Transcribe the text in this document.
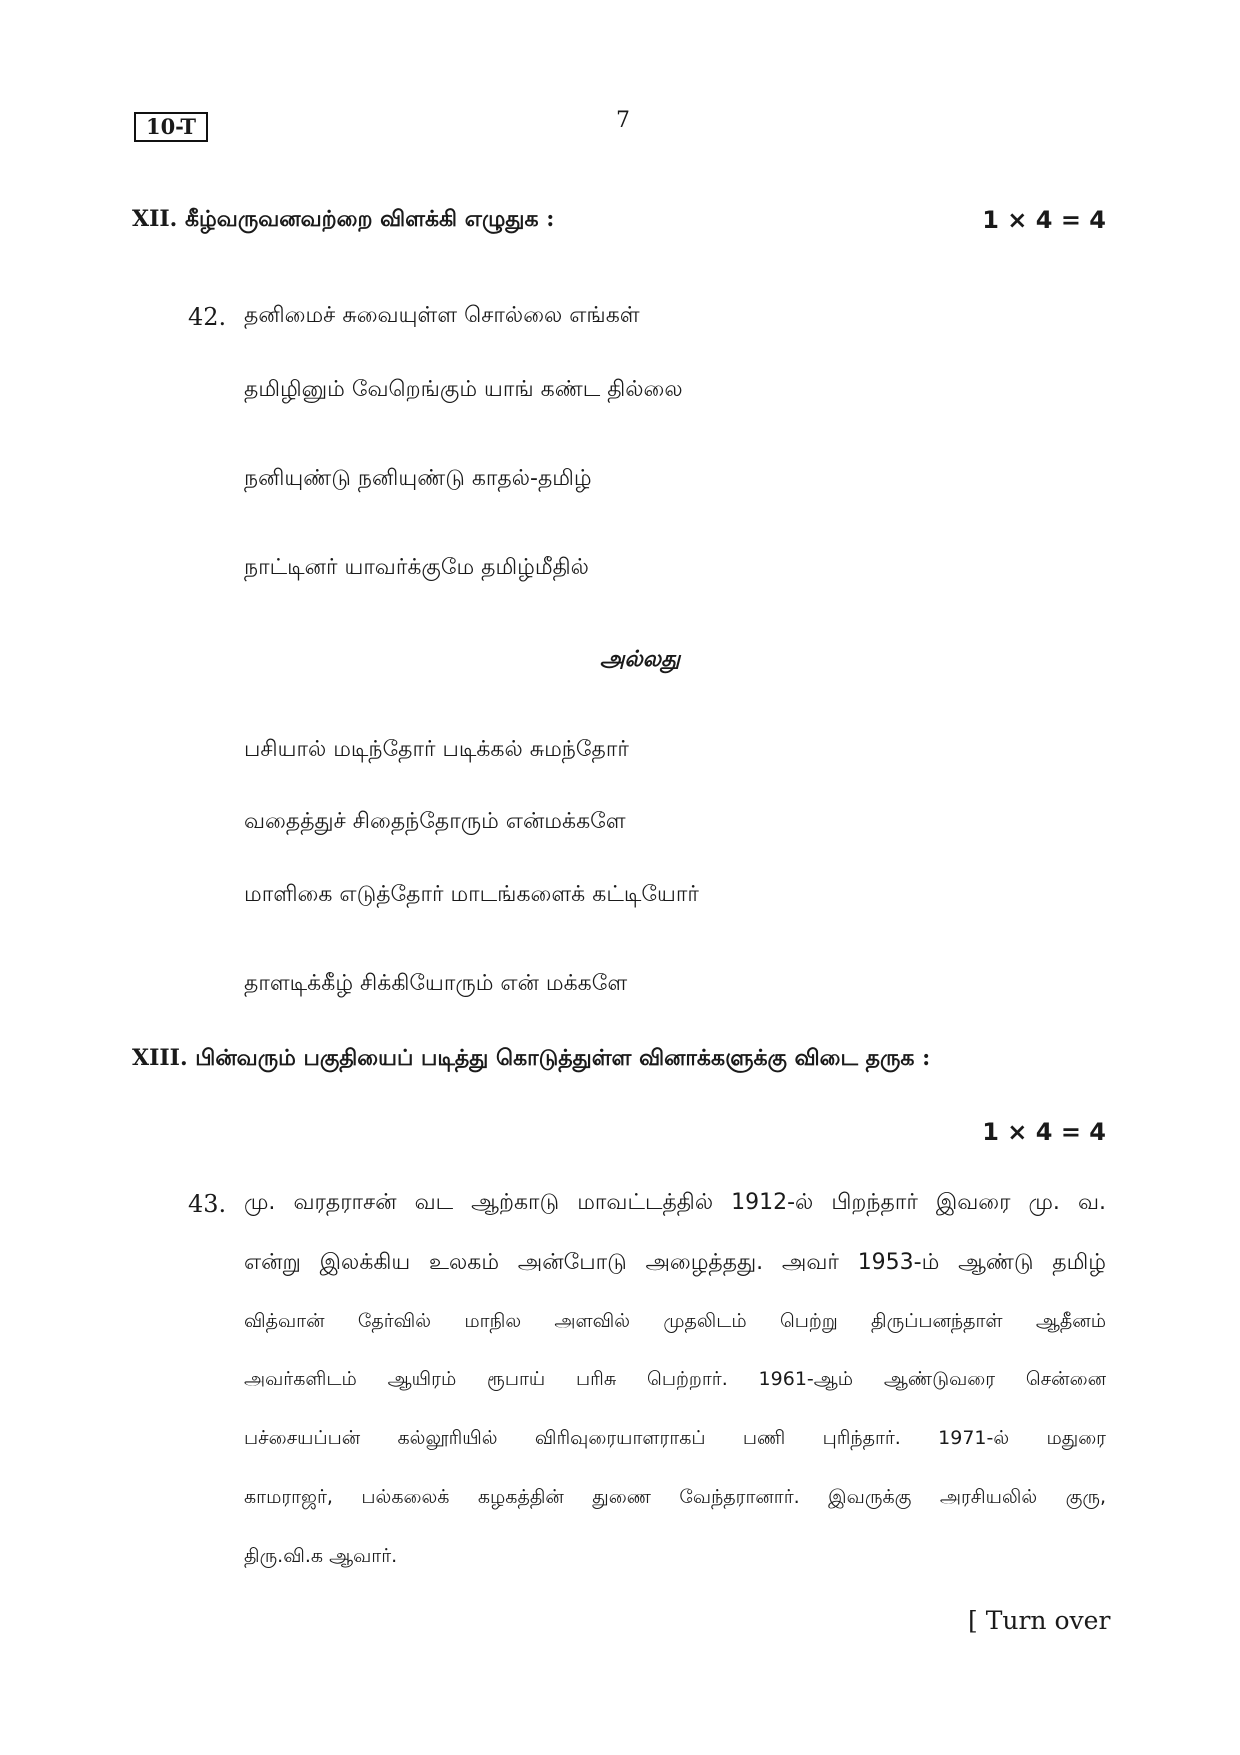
10-T	7
XII. கீழ்வருவனவற்றை விளக்கி எழுதுக :	1 × 4 = 4
42. தனிமைச் சுவையுள்ள சொல்லை எங்கள்
தமிழினும் வேறெங்கும் யாங் கண்ட தில்லை
நனியுண்டு நனியுண்டு காதல்-தமிழ்
நாட்டினர் யாவர்க்குமே தமிழ்மீதில்
அல்லது
பசியால் மடிந்தோர் படிக்கல் சுமந்தோர்
வதைத்துச் சிதைந்தோரும் என்மக்களே
மாளிகை எடுத்தோர் மாடங்களைக் கட்டியோர்
தாளடிக்கீழ் சிக்கியோரும் என் மக்களே
XIII. பின்வரும் பகுதியைப் படித்து கொடுத்துள்ள வினாக்களுக்கு விடை தருக :
1 × 4 = 4
43. மு. வரதராசன் வட ஆற்காடு மாவட்டத்தில் 1912-ல் பிறந்தார் இவரை மு. வ.
என்று இலக்கிய உலகம் அன்போடு அழைத்தது. அவர் 1953-ம் ஆண்டு தமிழ்
வித்வான் தேர்வில் மாநில அளவில் முதலிடம் பெற்று திருப்பனந்தாள் ஆதீனம்
அவர்களிடம் ஆயிரம் ரூபாய் பரிசு பெற்றார். 1961-ஆம் ஆண்டுவரை சென்னை
பச்சையப்பன் கல்லூரியில் விரிவுரையாளராகப் பணி புரிந்தார். 1971-ல் மதுரை
காமராஜர், பல்கலைக் கழகத்தின் துணை வேந்தரானார். இவருக்கு அரசியலில் குரு,
திரு.வி.க ஆவார்.
[ Turn over
